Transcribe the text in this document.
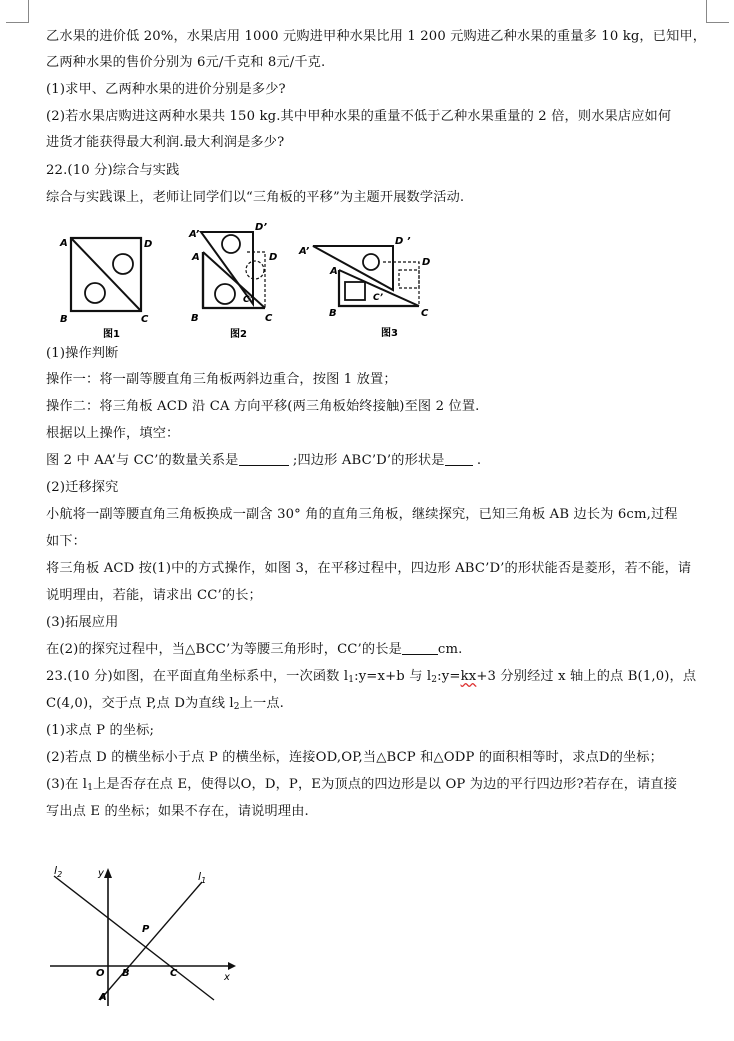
乙水果的进价低 20%，水果店用 1000 元购进甲种水果比用 1 200 元购进乙种水果的重量多 10 kg，已知甲，
乙两种水果的售价分别为 6元/千克和 8元/千克.
(1)求甲、乙两种水果的进价分别是多少?
(2)若水果店购进这两种水果共 150 kg.其中甲种水果的重量不低于乙种水果重量的 2 倍，则水果店应如何
进货才能获得最大利润.最大利润是多少?
22.(10 分)综合与实践
综合与实践课上，老师让同学们以“三角板的平移”为主题开展数学活动.
A	D
B	C
图1
A’
D’
A	D
C’
B	C
图2
A’
D ’
D
A
C’
B	C
图3
(1)操作判断
操作一：将一副等腰直角三角板两斜边重合，按图 1 放置；
操作二：将三角板 ACD 沿 CA 方向平移(两三角板始终接触)至图 2 位置.
根据以上操作，填空：
图 2 中 AA’与 CC’的数量关系是	;四边形 ABC’D’的形状是 .
(2)迁移探究
小航将一副等腰直角三角板换成一副含 30° 角的直角三角板，继续探究，已知三角板 AB 边长为 6cm,过程
如下：
将三角板 ACD 按(1)中的方式操作，如图 3，在平移过程中，四边形 ABC’D’的形状能否是菱形，若不能，请
说明理由，若能，请求出 CC’的长；
(3)拓展应用
在(2)的探究过程中，当△BCC’为等腰三角形时，CC’的长是	cm.
23.(10 分)如图，在平面直角坐标系中，一次函数 $l_1:y=x+b$ 与 $l_2:y=kx+3$ 分别经过 x 轴上的点 B(1,0)，点
C(4,0)，交于点 P,点 D为直线 $l_2$上一点.
(1)求点 P 的坐标;
(2)若点 D 的横坐标小于点 P 的横坐标，连接OD,OP,当△BCP 和△ODP 的面积相等时，求点D的坐标；
(3)在 $l_1$上是否存在点 E，使得以O，D，P，E为顶点的四边形是以 OP 为边的平行四边形?若存在，请直接
写出点 E 的坐标；如果不存在，请说明理由.
$l_2$	y	$l_1$
P
O B	C	x
A
